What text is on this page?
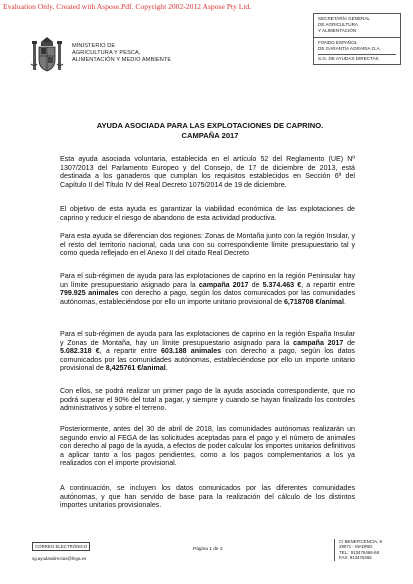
Evaluation Only. Created with Aspose.Pdf. Copyright 2002-2012 Aspose Pty Ltd.
MINISTERIO DE
AGRICULTURA Y PESCA,
ALIMENTACIÓN Y MEDIO AMBIENTE
SECRETARÍA GENERAL
DE AGRICULTURA
Y ALIMENTACIÓN
FONDO ESPAÑOL
DE GARANTÍA AGRARIA O.A.
S.G. DE AYUDAS DIRECTAS
AYUDA ASOCIADA PARA LAS EXPLOTACIONES DE CAPRINO.
CAMPAÑA 2017
Esta ayuda asociada voluntaria, establecida en el artículo 52 del Reglamento (UE) Nº 1307/2013 del Parlamento Europeo y del Consejo, de 17 de diciembre de 2013, está destinada a los ganaderos que cumplan los requisitos establecidos en Sección 6ª del Capítulo II del Título IV del Real Decreto 1075/2014 de 19 de diciembre.
El objetivo de esta ayuda es garantizar la viabilidad económica de las explotaciones de caprino y reducir el riesgo de abandono de esta actividad productiva.
Para esta ayuda se diferencian dos regiones: Zonas de Montaña junto con la región Insular, y el resto del territorio nacional, cada una con su correspondiente límite presupuestario tal y como queda reflejado en el Anexo II del citado Real Decreto
Para el sub-régimen de ayuda para las explotaciones de caprino en la región Peninsular hay un límite presupuestario asignado para la campaña 2017 de 5.374.463 €, a repartir entre 799.925 animales con derecho a pago, según los datos comunicados por las comunidades autónomas, estableciéndose por ello un importe unitario provisional de 6,718708 €/animal.
Para el sub-régimen de ayuda para las explotaciones de caprino en la región España Insular y Zonas de Montaña, hay un límite presupuestario asignado para la campaña 2017 de 5.082.318 €, a repartir entre 603.188 animales con derecho a pago, según los datos comunicados por las comunidades autónomas, estableciéndose por ello un importe unitario provisional de 8,425761 €/animal.
Con ellos, se podrá realizar un primer pago de la ayuda asociada correspondiente, que no podrá superar el 90% del total a pagar, y siempre y cuando se hayan finalizado los controles administrativos y sobre el terreno.
Posteriormente, antes del 30 de abril de 2018, las comunidades autónomas realizarán un segundo envío al FEGA de las solicitudes aceptadas para el pago y el número de animales con derecho al pago de la ayuda, a efectos de poder calcular los importes unitarios definitivos a aplicar tanto a los pagos pendientes, como a los pagos complementarios a los ya realizados con el importe provisional.
A continuación, se incluyen los datos comunicados por las diferentes comunidades autónomas, y que han servido de base para la realización del cálculo de los distintos importes unitarios provisionales.
CORREO ELECTRÓNICO
sg.ayudasdirectas@fega.es
Página 1 de 2
C/ BENEFICENCIA, 8
28071 - MADRID
TEL.: 913476466-68
FAX: 913476465
